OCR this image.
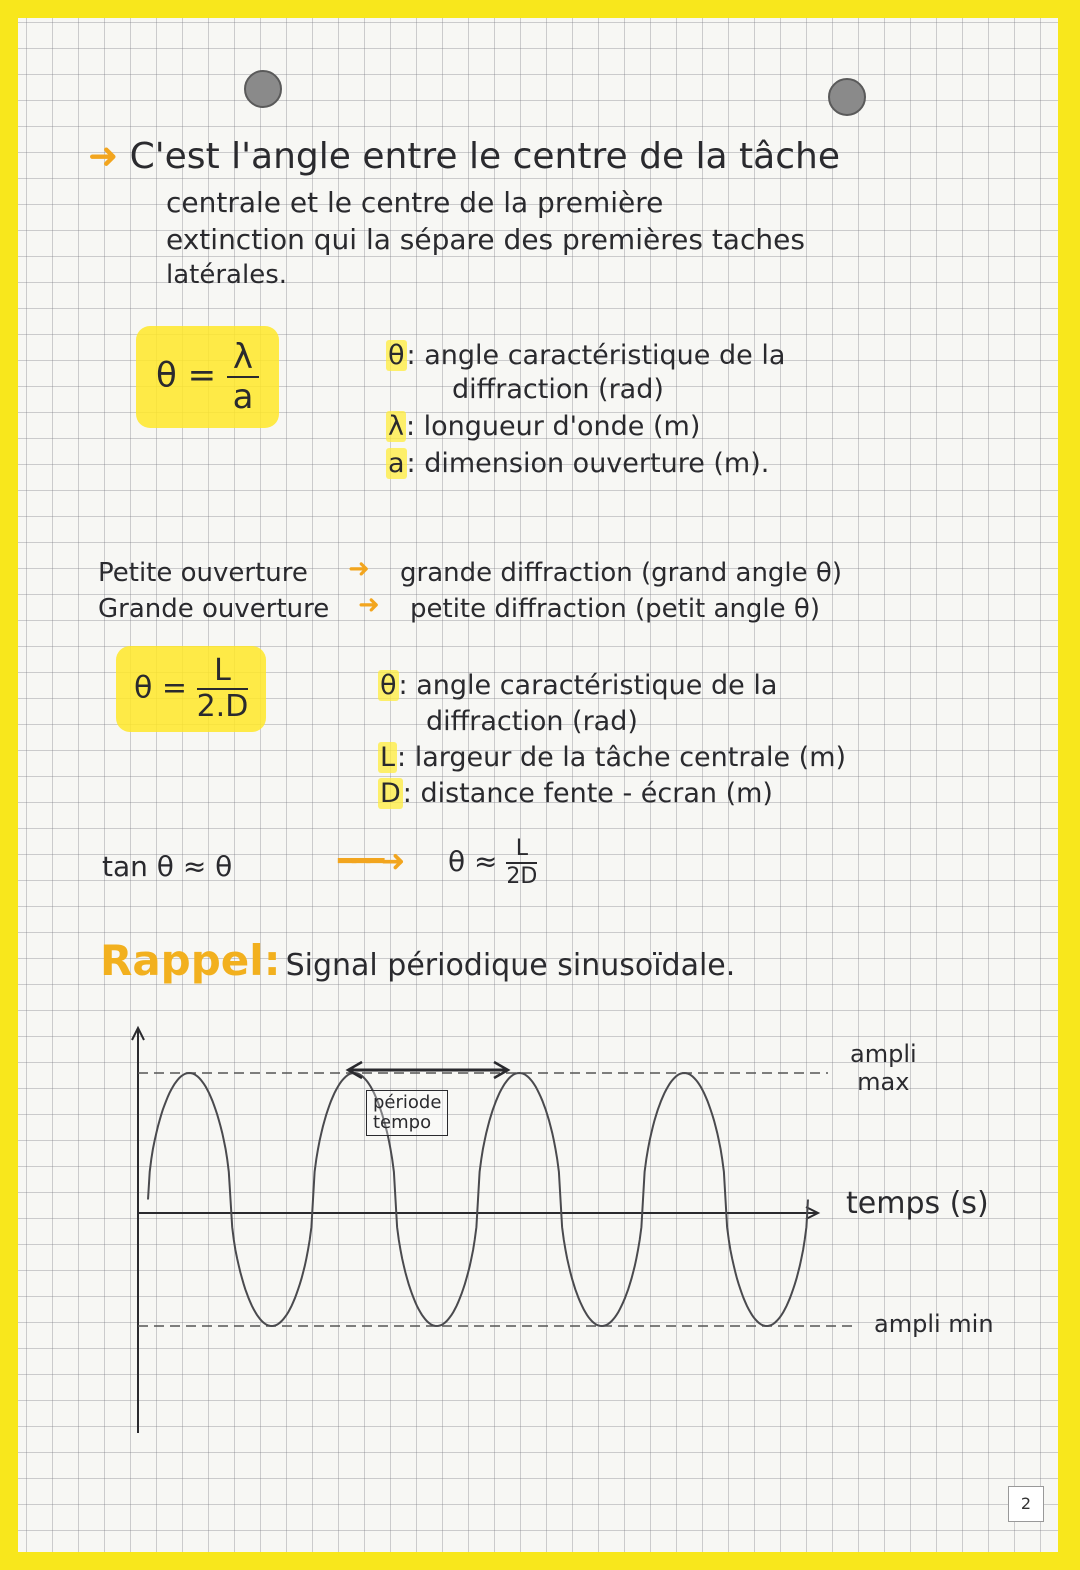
➜ C'est l'angle entre le centre de la tâche
centrale et le centre de la première
extinction qui la sépare des premières taches
latérales.
$\theta = \frac{\lambda}{a}$	θ: angle caractéristique de la
diffraction (rad)
λ: longueur d'onde (m)
a: dimension ouverture (m).
Petite ouverture ➜ grande diffraction (grand angle θ)
Grande ouverture ➜ petite diffraction (petit angle θ)
$\theta = \frac{L}{2.D}$	θ: angle caractéristique de la
diffraction (rad)
L: largeur de la tâche centrale (m)
D: distance fente - écran (m)
tan θ ≈ θ	━━━➜ $\theta \approx \frac{L}{2D}$
Rappel: Signal périodique sinusoïdale.
ampli
max
temps (s)
ampli min
période
tempo
2
